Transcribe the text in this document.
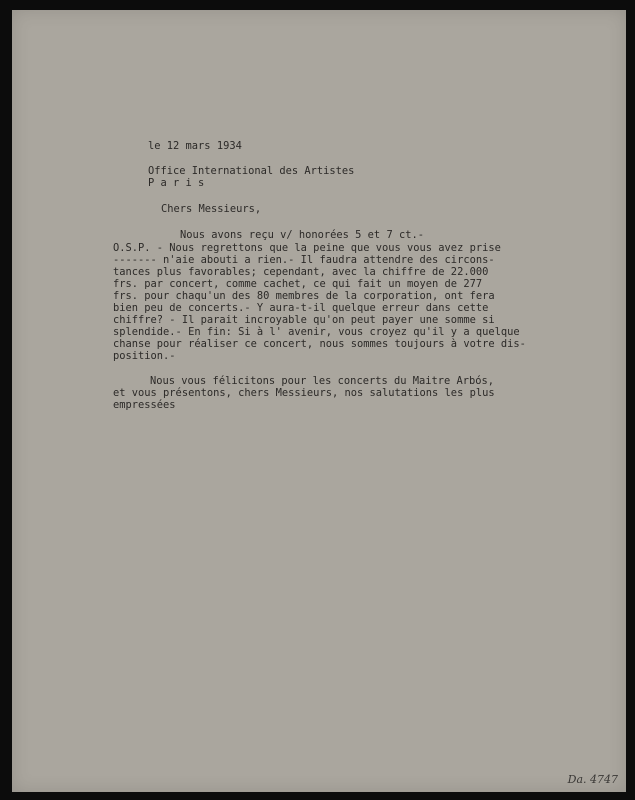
le 12 mars 1934
Office International des Artistes
P a r i s
Chers Messieurs,
Nous avons reçu v/ honorées 5 et 7 ct.-
O.S.P. - Nous regrettons que la peine que vous vous avez prise
------- n'aie abouti a rien.- Il faudra attendre des circons-
tances plus favorables; cependant, avec la chiffre de 22.000
frs. par concert, comme cachet, ce qui fait un moyen de 277
frs. pour chaqu'un des 80 membres de la corporation, ont fera
bien peu de concerts.- Y aura-t-il quelque erreur dans cette
chiffre? - Il parait incroyable qu'on peut payer une somme si
splendide.- En fin: Si à l' avenir, vous croyez qu'il y a quelque
chanse pour réaliser ce concert, nous sommes toujours à votre dis-
position.-
Nous vous félicitons pour les concerts du Maitre Arbós,
et vous présentons, chers Messieurs, nos salutations les plus
empressées
Da. 4747
